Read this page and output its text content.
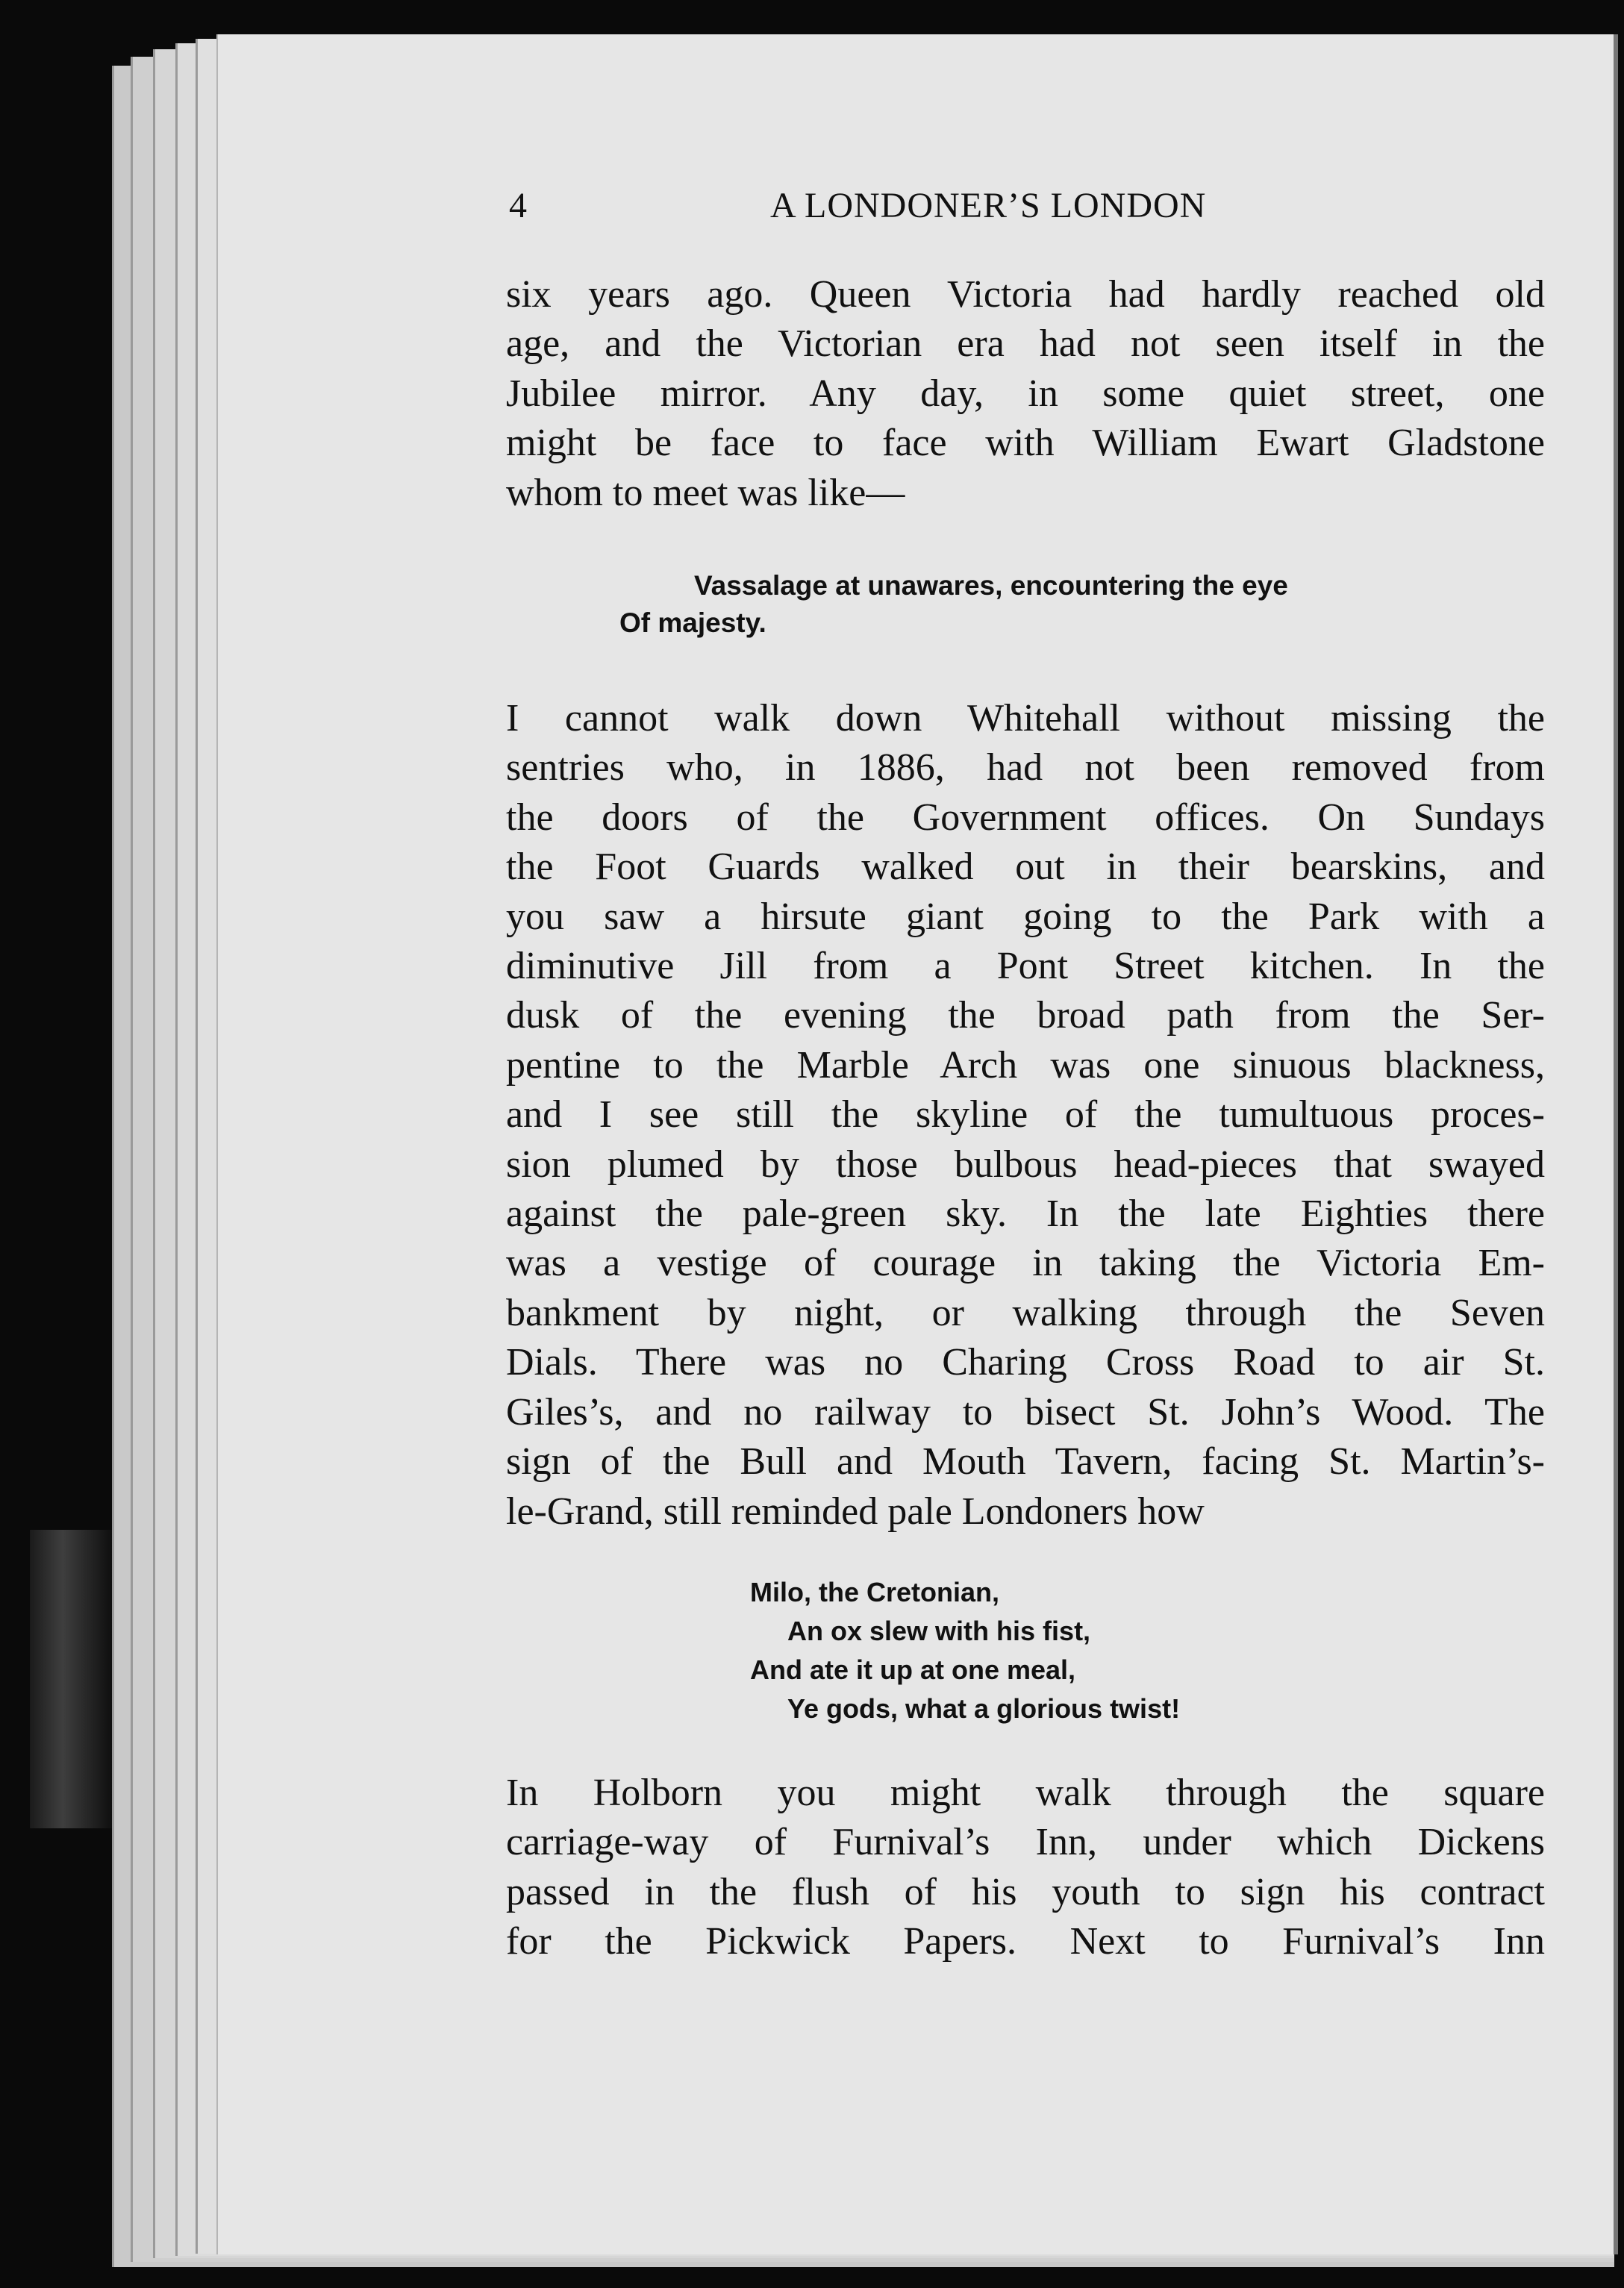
4	A LONDONER’S LONDON

six years ago. Queen Victoria had hardly reached old
age, and the Victorian era had not seen itself in the
Jubilee mirror. Any day, in some quiet street, one
might be face to face with William Ewart Gladstone
whom to meet was like—

Vassalage at unawares, encountering the eye
Of majesty.

I cannot walk down Whitehall without missing the
sentries who, in 1886, had not been removed from
the doors of the Government offices. On Sundays
the Foot Guards walked out in their bearskins, and
you saw a hirsute giant going to the Park with a
diminutive Jill from a Pont Street kitchen. In the
dusk of the evening the broad path from the Ser-
pentine to the Marble Arch was one sinuous blackness,
and I see still the skyline of the tumultuous proces-
sion plumed by those bulbous head-pieces that swayed
against the pale-green sky. In the late Eighties there
was a vestige of courage in taking the Victoria Em-
bankment by night, or walking through the Seven
Dials. There was no Charing Cross Road to air St.
Giles’s, and no railway to bisect St. John’s Wood. The
sign of the Bull and Mouth Tavern, facing St. Martin’s-
le-Grand, still reminded pale Londoners how

Milo, the Cretonian,
An ox slew with his fist,
And ate it up at one meal,
Ye gods, what a glorious twist!

In Holborn you might walk through the square
carriage-way of Furnival’s Inn, under which Dickens
passed in the flush of his youth to sign his contract
for the Pickwick Papers. Next to Furnival’s Inn
